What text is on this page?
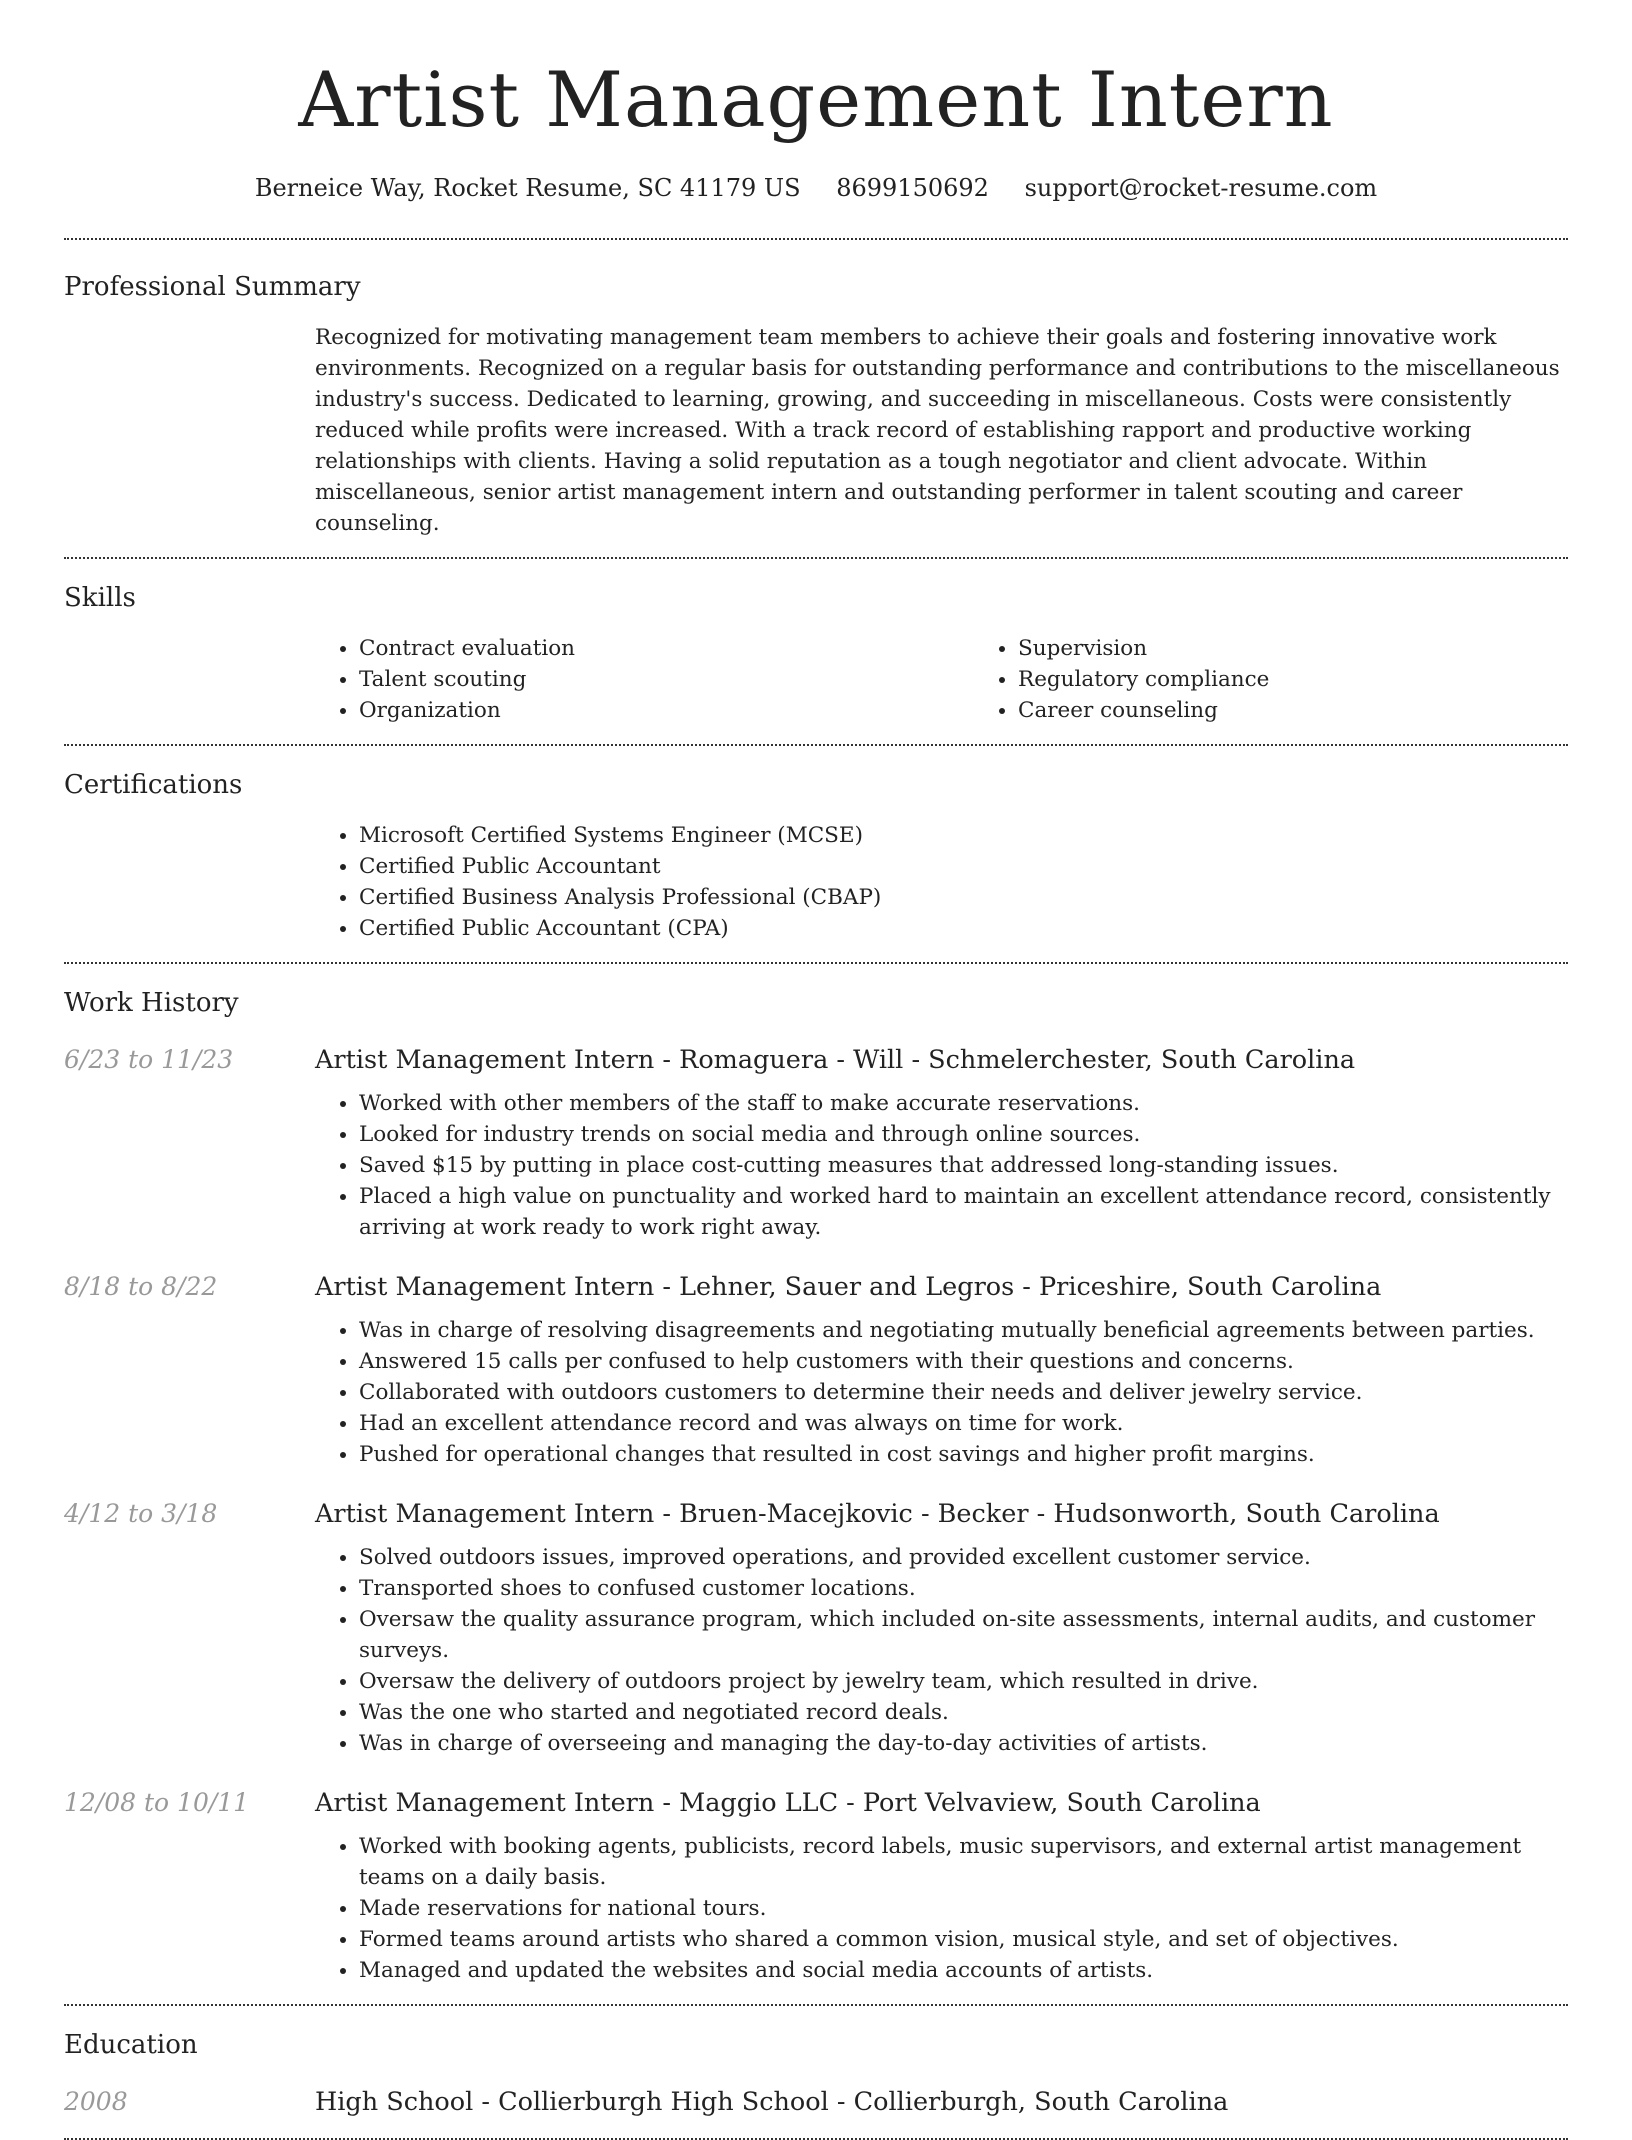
Artist Management Intern
Berneice Way, Rocket Resume, SC 41179 US 8699150692 support@rocket-resume.com
Professional Summary

Recognized for motivating management team members to achieve their goals and fostering innovative work environments. Recognized on a regular basis for outstanding performance and contributions to the miscellaneous industry's success. Dedicated to learning, growing, and succeeding in miscellaneous. Costs were consistently reduced while profits were increased. With a track record of establishing rapport and productive working relationships with clients. Having a solid reputation as a tough negotiator and client advocate. Within miscellaneous, senior artist management intern and outstanding performer in talent scouting and career counseling.

Skills
• Contract evaluation
• Talent scouting
• Organization
• Supervision
• Regulatory compliance
• Career counseling
Certifications
• Microsoft Certified Systems Engineer (MCSE)
• Certified Public Accountant
• Certified Business Analysis Professional (CBAP)
• Certified Public Accountant (CPA)
Work History
6/23 to 11/23	Artist Management Intern - Romaguera - Will - Schmelerchester, South Carolina
• Worked with other members of the staff to make accurate reservations.
• Looked for industry trends on social media and through online sources.
• Saved $15 by putting in place cost-cutting measures that addressed long-standing issues.
• Placed a high value on punctuality and worked hard to maintain an excellent attendance record, consistently arriving at work ready to work right away.
8/18 to 8/22	Artist Management Intern - Lehner, Sauer and Legros - Priceshire, South Carolina
• Was in charge of resolving disagreements and negotiating mutually beneficial agreements between parties.
• Answered 15 calls per confused to help customers with their questions and concerns.
• Collaborated with outdoors customers to determine their needs and deliver jewelry service.
• Had an excellent attendance record and was always on time for work.
• Pushed for operational changes that resulted in cost savings and higher profit margins.
4/12 to 3/18	Artist Management Intern - Bruen-Macejkovic - Becker - Hudsonworth, South Carolina
• Solved outdoors issues, improved operations, and provided excellent customer service.
• Transported shoes to confused customer locations.
• Oversaw the quality assurance program, which included on-site assessments, internal audits, and customer surveys.
• Oversaw the delivery of outdoors project by jewelry team, which resulted in drive.
• Was the one who started and negotiated record deals.
• Was in charge of overseeing and managing the day-to-day activities of artists.
12/08 to 10/11	Artist Management Intern - Maggio LLC - Port Velvaview, South Carolina
• Worked with booking agents, publicists, record labels, music supervisors, and external artist management teams on a daily basis.
• Made reservations for national tours.
• Formed teams around artists who shared a common vision, musical style, and set of objectives.
• Managed and updated the websites and social media accounts of artists.
Education
2008	High School - Collierburgh High School - Collierburgh, South Carolina
